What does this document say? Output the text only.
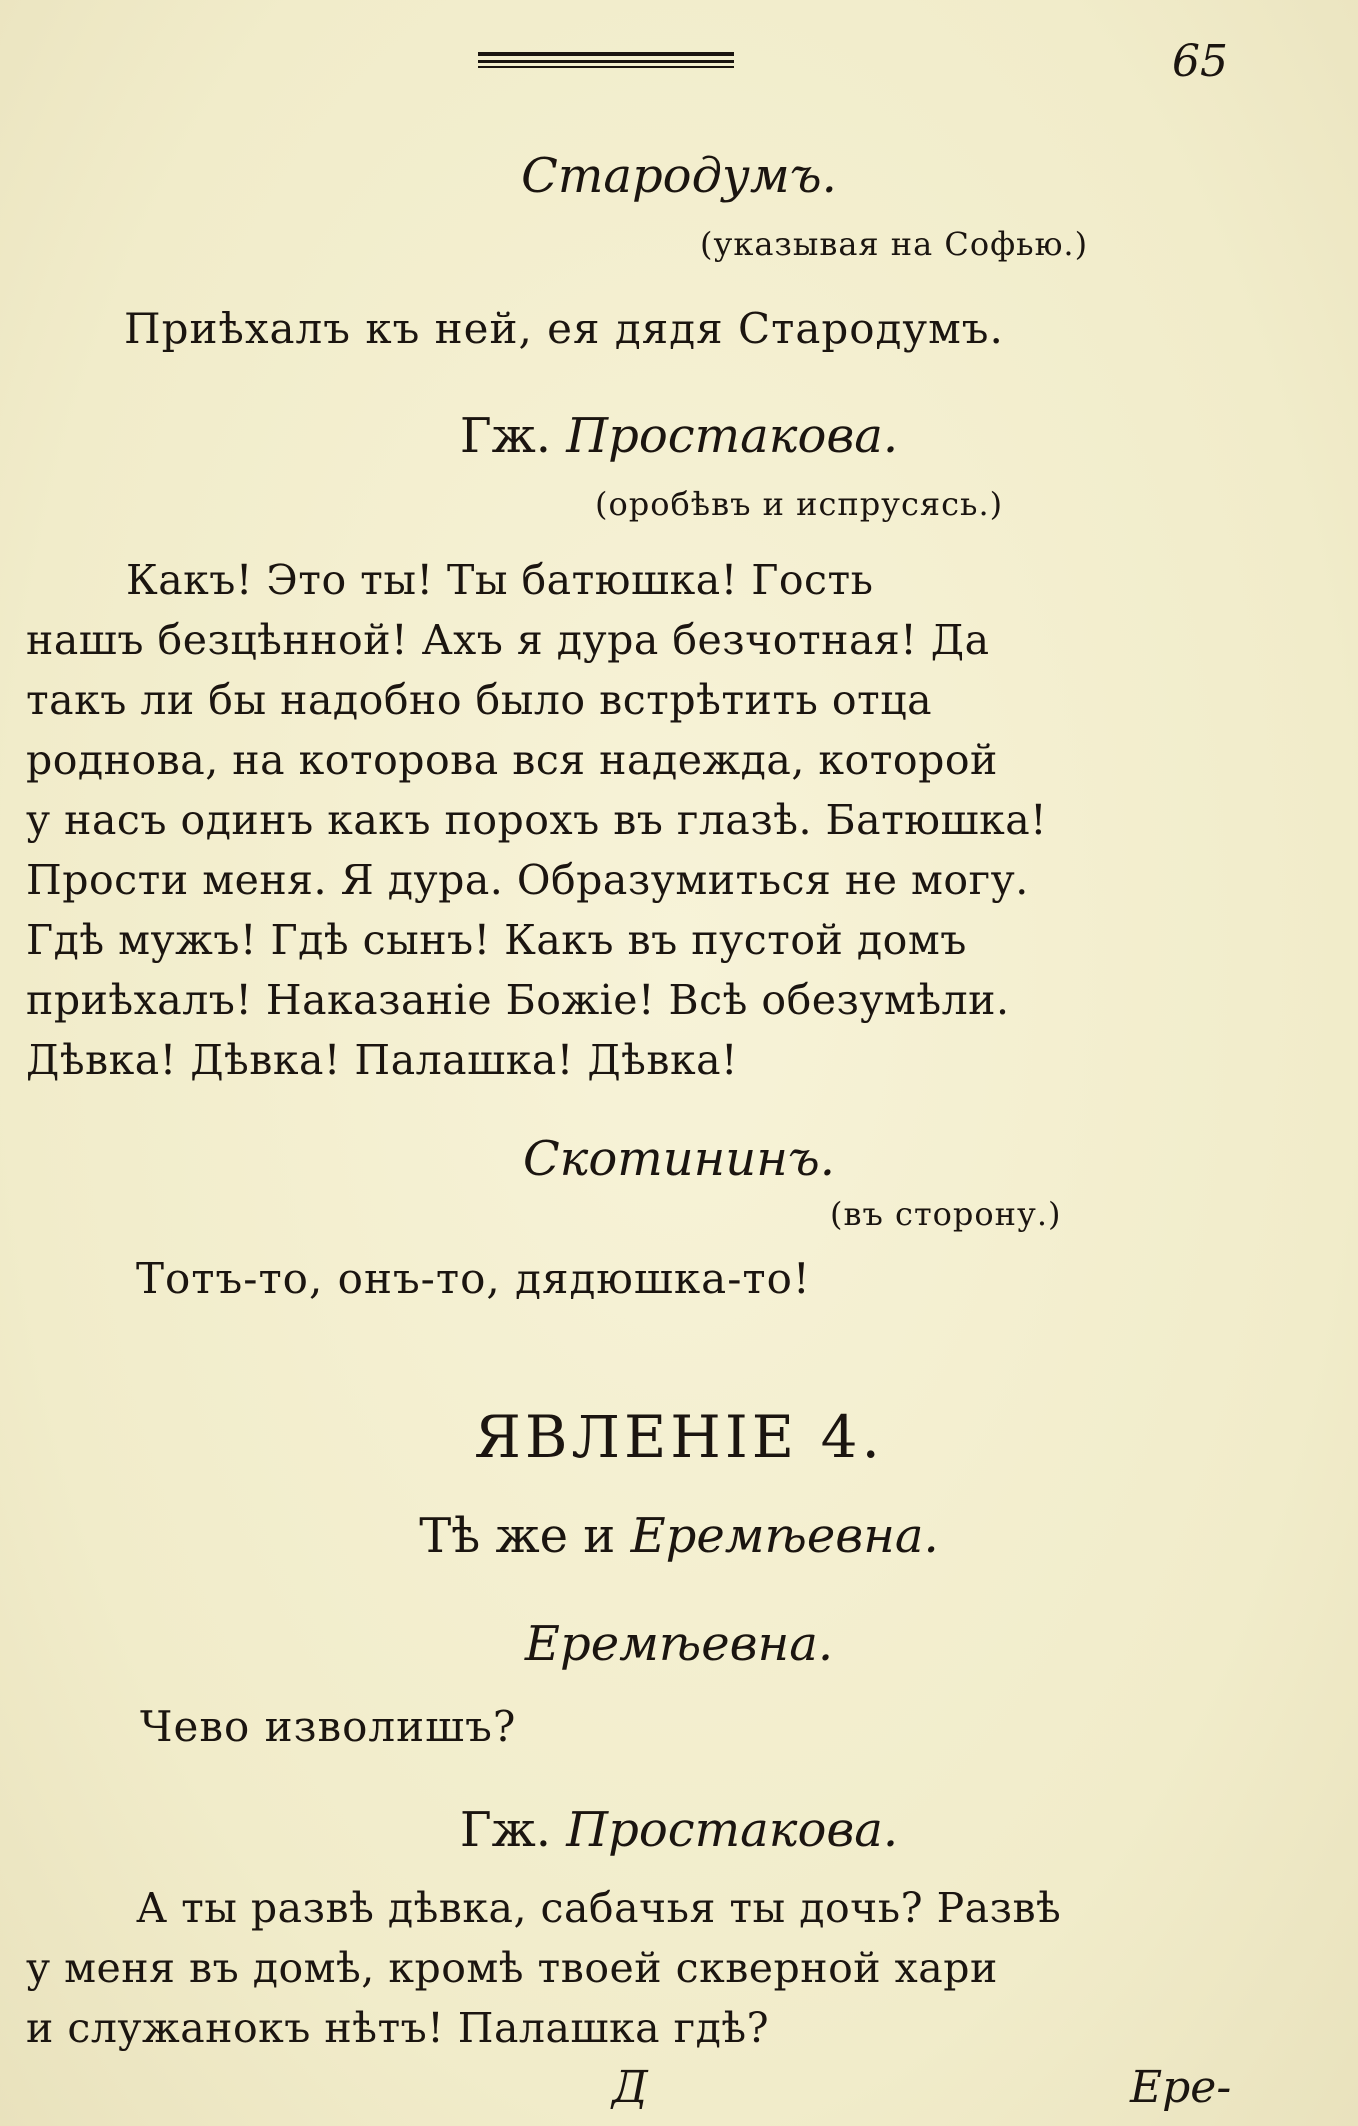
65
Стародумъ.
(указывая на Софью.)
Приѣхалъ къ ней, ея дядя Стародумъ.
Гж. Простакова.
(оробѣвъ и испрусясь.)
Какъ! Это ты! Ты батюшка! Гость
нашъ безцѣнной! Ахъ я дура безчотная! Да
такъ ли бы надобно было встрѣтить отца
роднова, на которова вся надежда, которой
у насъ одинъ какъ порохъ въ глазѣ. Батюшка!
Прости меня. Я дура. Образумиться не могу.
Гдѣ мужъ! Гдѣ сынъ! Какъ въ пустой домъ
приѣхалъ! Наказаніе Божіе! Всѣ обезумѣли.
Дѣвка! Дѣвка! Палашка! Дѣвка!
Скотининъ.
(въ сторону.)
Тотъ-то, онъ-то, дядюшка-то!
ЯВЛЕНІЕ 4.
Тѣ же и Еремѣевна.
Еремѣевна.
Чево изволишъ?
Гж. Простакова.
А ты развѣ дѣвка, сабачья ты дочь? Развѣ
у меня въ домѣ, кромѣ твоей скверной хари
и служанокъ нѣтъ! Палашка гдѣ?
Д	Ере-
